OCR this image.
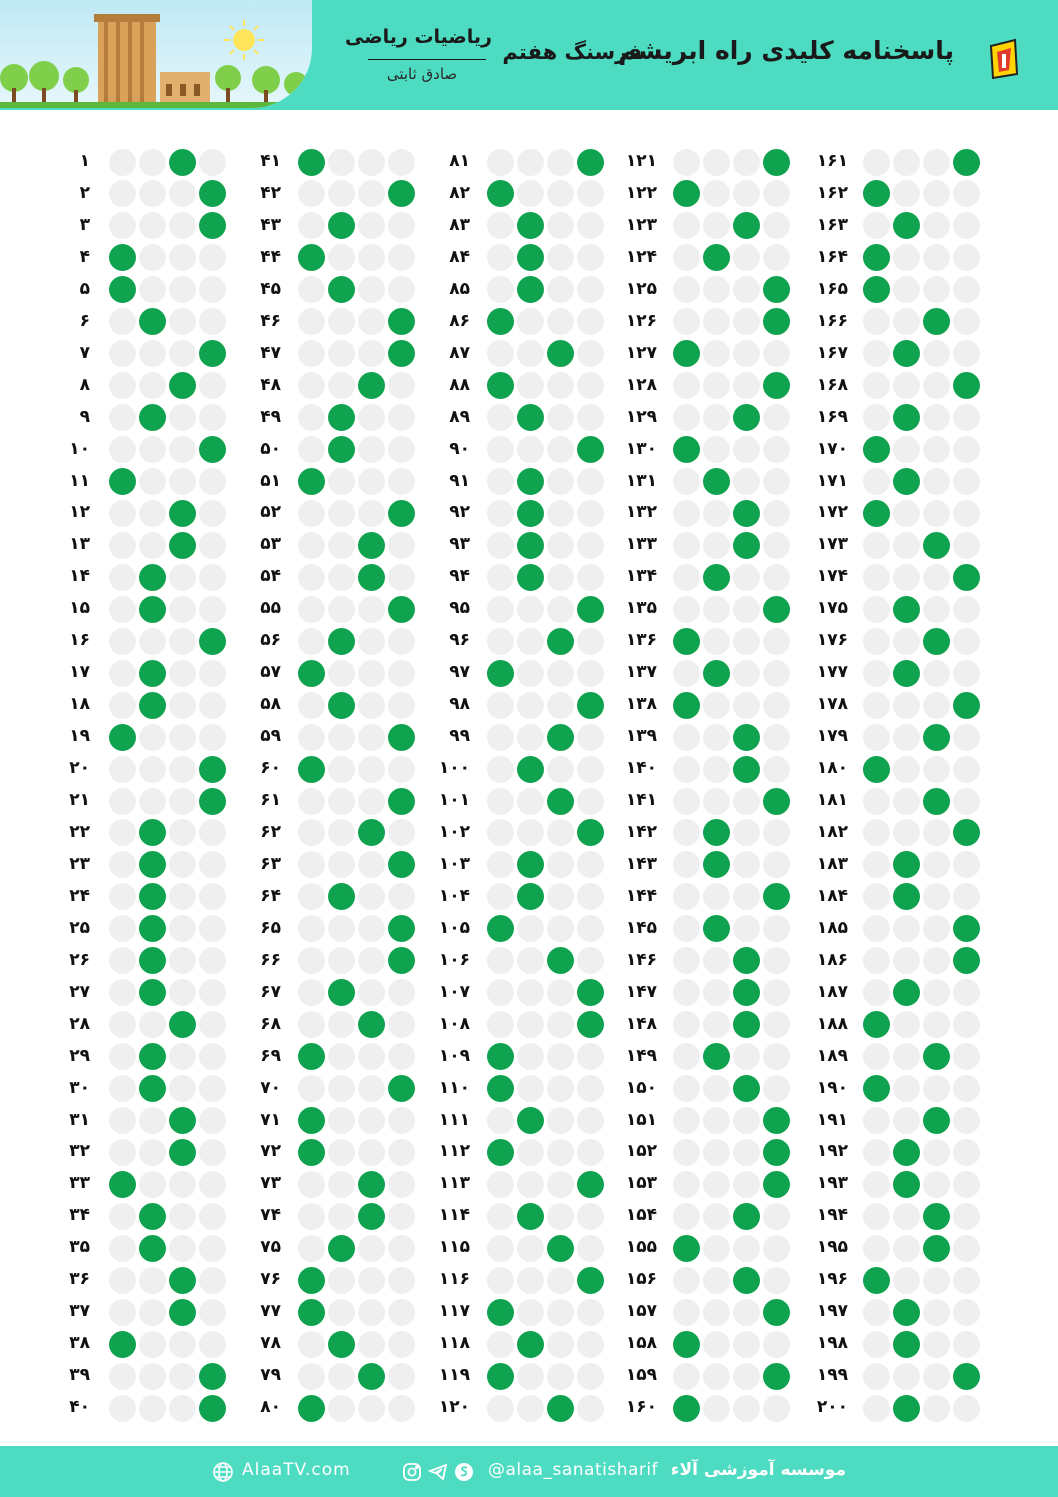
پاسخنامه کلیدی راه ابریشم
فرسنگ هفتم
ریاضیات ریاضی
صادق ثابتی
۱
۲
۳
۴
۵
۶
۷
۸
۹
۱۰
۱۱
۱۲
۱۳
۱۴
۱۵
۱۶
۱۷
۱۸
۱۹
۲۰
۲۱
۲۲
۲۳
۲۴
۲۵
۲۶
۲۷
۲۸
۲۹
۳۰
۳۱
۳۲
۳۳
۳۴
۳۵
۳۶
۳۷
۳۸
۳۹
۴۰
۴۱
۴۲
۴۳
۴۴
۴۵
۴۶
۴۷
۴۸
۴۹
۵۰
۵۱
۵۲
۵۳
۵۴
۵۵
۵۶
۵۷
۵۸
۵۹
۶۰
۶۱
۶۲
۶۳
۶۴
۶۵
۶۶
۶۷
۶۸
۶۹
۷۰
۷۱
۷۲
۷۳
۷۴
۷۵
۷۶
۷۷
۷۸
۷۹
۸۰
۸۱
۸۲
۸۳
۸۴
۸۵
۸۶
۸۷
۸۸
۸۹
۹۰
۹۱
۹۲
۹۳
۹۴
۹۵
۹۶
۹۷
۹۸
۹۹
۱۰۰
۱۰۱
۱۰۲
۱۰۳
۱۰۴
۱۰۵
۱۰۶
۱۰۷
۱۰۸
۱۰۹
۱۱۰
۱۱۱
۱۱۲
۱۱۳
۱۱۴
۱۱۵
۱۱۶
۱۱۷
۱۱۸
۱۱۹
۱۲۰
۱۲۱
۱۲۲
۱۲۳
۱۲۴
۱۲۵
۱۲۶
۱۲۷
۱۲۸
۱۲۹
۱۳۰
۱۳۱
۱۳۲
۱۳۳
۱۳۴
۱۳۵
۱۳۶
۱۳۷
۱۳۸
۱۳۹
۱۴۰
۱۴۱
۱۴۲
۱۴۳
۱۴۴
۱۴۵
۱۴۶
۱۴۷
۱۴۸
۱۴۹
۱۵۰
۱۵۱
۱۵۲
۱۵۳
۱۵۴
۱۵۵
۱۵۶
۱۵۷
۱۵۸
۱۵۹
۱۶۰
۱۶۱
۱۶۲
۱۶۳
۱۶۴
۱۶۵
۱۶۶
۱۶۷
۱۶۸
۱۶۹
۱۷۰
۱۷۱
۱۷۲
۱۷۳
۱۷۴
۱۷۵
۱۷۶
۱۷۷
۱۷۸
۱۷۹
۱۸۰
۱۸۱
۱۸۲
۱۸۳
۱۸۴
۱۸۵
۱۸۶
۱۸۷
۱۸۸
۱۸۹
۱۹۰
۱۹۱
۱۹۲
۱۹۳
۱۹۴
۱۹۵
۱۹۶
۱۹۷
۱۹۸
۱۹۹
۲۰۰
AlaaTV.com	@alaa_sanatisharif موسسه آموزشی آلاء
